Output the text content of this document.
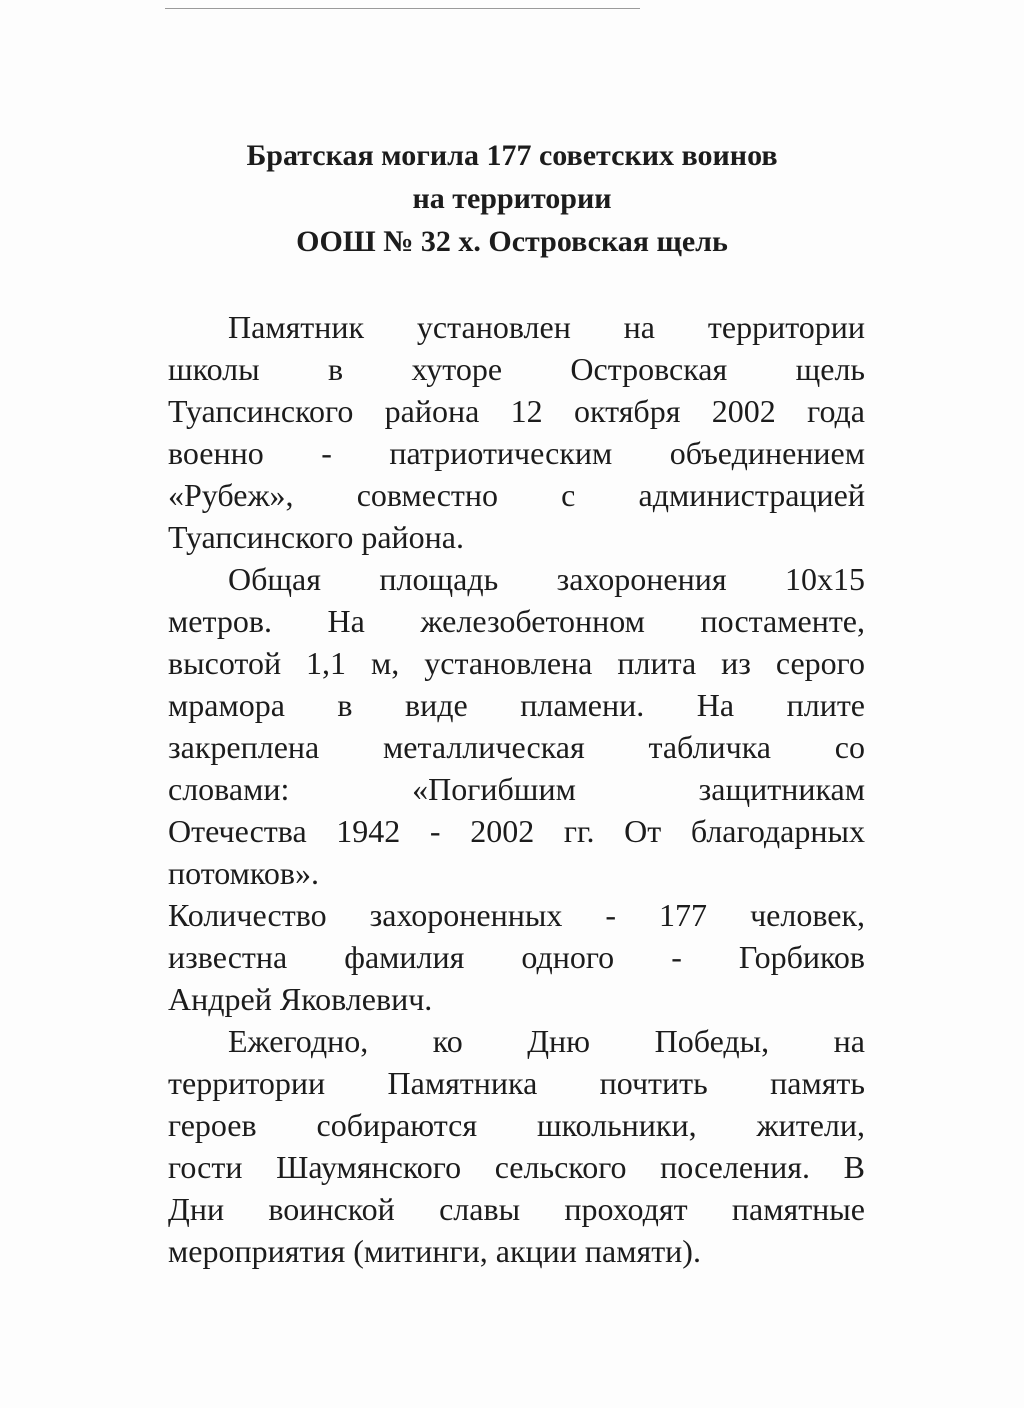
Братская могила 177 советских воинов
на территории
ООШ № 32 х. Островская щель
Памятник установлен на территории
школы в хуторе Островская щель
Туапсинского района 12 октября 2002 года
военно - патриотическим объединением
«Рубеж», совместно с администрацией
Туапсинского района.
Общая площадь захоронения 10х15
метров. На железобетонном постаменте,
высотой 1,1 м, установлена плита из серого
мрамора в виде пламени. На плите
закреплена металлическая табличка со
словами: «Погибшим защитникам
Отечества 1942 - 2002 гг. От благодарных
потомков».
Количество захороненных - 177 человек,
известна фамилия одного - Горбиков
Андрей Яковлевич.
Ежегодно, ко Дню Победы, на
территории Памятника почтить память
героев собираются школьники, жители,
гости Шаумянского сельского поселения. В
Дни воинской славы проходят памятные
мероприятия (митинги, акции памяти).
